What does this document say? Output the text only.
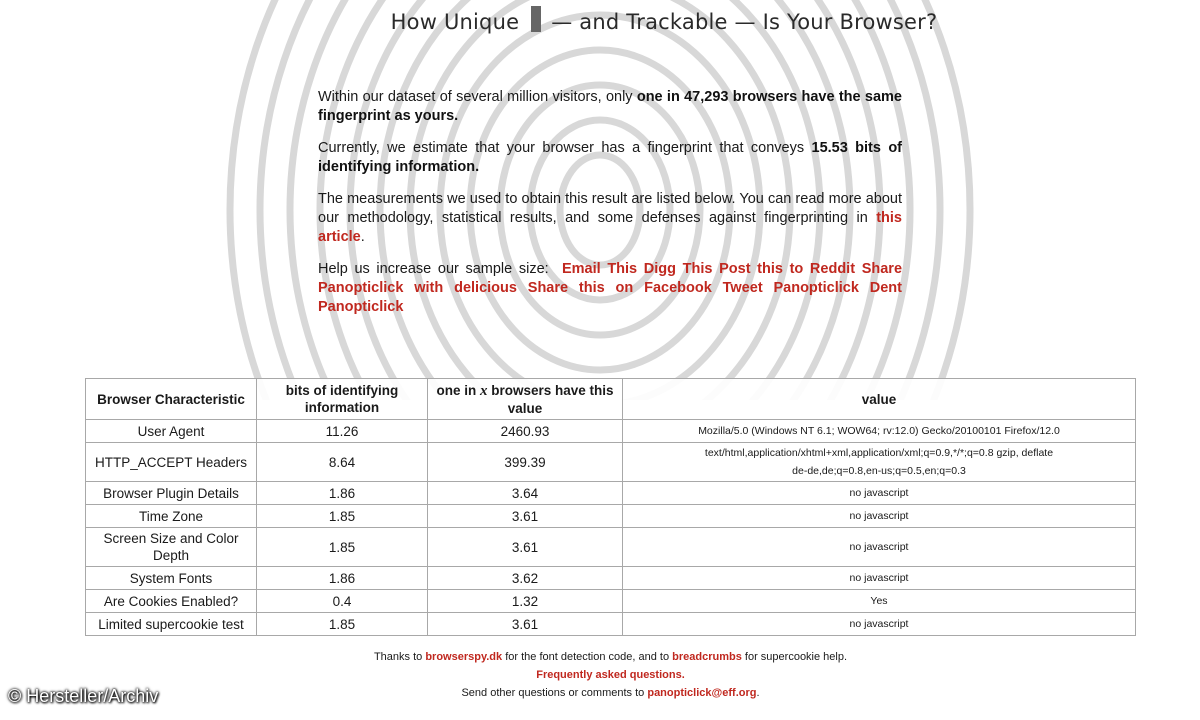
How Unique — and Trackable — Is Your Browser?

Within our dataset of several million visitors, only one in 47,293 browsers have the same fingerprint as yours.

Currently, we estimate that your browser has a fingerprint that conveys 15.53 bits of identifying information.

The measurements we used to obtain this result are listed below. You can read more about our methodology, statistical results, and some defenses against fingerprinting in this article.

Help us increase our sample size: Email This Digg This Post this to Reddit Share Panopticlick with delicious Share this on Facebook Tweet Panopticlick Dent Panopticlick

Browser Characteristic	bits of identifying information	one in x browsers have this value	value
User Agent	11.26	2460.93	Mozilla/5.0 (Windows NT 6.1; WOW64; rv:12.0) Gecko/20100101 Firefox/12.0
HTTP_ACCEPT Headers	8.64	399.39	text/html,application/xhtml+xml,application/xml;q=0.9,*/*;q=0.8 gzip, deflate de-de,de;q=0.8,en-us;q=0.5,en;q=0.3
Browser Plugin Details	1.86	3.64	no javascript
Time Zone	1.85	3.61	no javascript
Screen Size and Color Depth	1.85	3.61	no javascript
System Fonts	1.86	3.62	no javascript
Are Cookies Enabled?	0.4	1.32	Yes
Limited supercookie test	1.85	3.61	no javascript
Thanks to browserspy.dk for the font detection code, and to breadcrumbs for supercookie help.
Frequently asked questions.
Send other questions or comments to panopticlick@eff.org.
© Hersteller/Archiv
